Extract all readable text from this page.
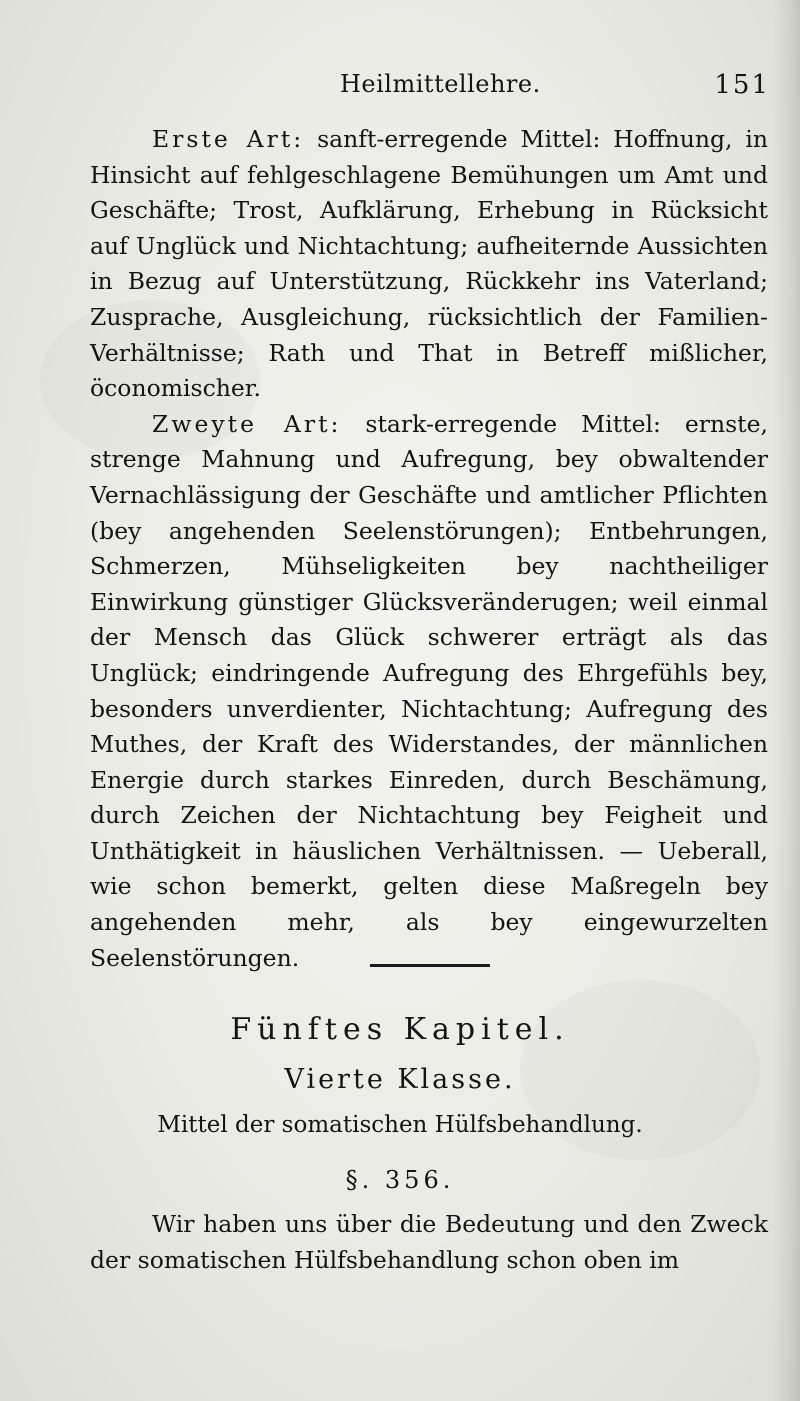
Heilmittellehre.	151

Erste Art: sanft-erregende Mittel: Hoffnung, in Hinsicht auf fehlgeschlagene Bemühungen um Amt und Geschäfte; Trost, Aufklärung, Erhebung in Rücksicht auf Unglück und Nichtachtung; aufheiternde Aussichten in Bezug auf Unterstützung, Rückkehr ins Vaterland; Zusprache, Ausgleichung, rücksichtlich der Familien-Verhältnisse; Rath und That in Betreff mißlicher, öconomischer.

Zweyte Art: stark-erregende Mittel: ernste, strenge Mahnung und Aufregung, bey obwaltender Vernachlässigung der Geschäfte und amtlicher Pflichten (bey angehenden Seelenstörungen); Entbehrungen, Schmerzen, Mühseligkeiten bey nachtheiliger Einwirkung günstiger Glücksveränderugen; weil einmal der Mensch das Glück schwerer erträgt als das Unglück; eindringende Aufregung des Ehrgefühls bey, besonders unverdienter, Nichtachtung; Aufregung des Muthes, der Kraft des Widerstandes, der männlichen Energie durch starkes Einreden, durch Beschämung, durch Zeichen der Nichtachtung bey Feigheit und Unthätigkeit in häuslichen Verhältnissen. — Ueberall, wie schon bemerkt, gelten diese Maßregeln bey angehenden mehr, als bey eingewurzelten Seelenstörungen.

Fünftes Kapitel.
Vierte Klasse.
Mittel der somatischen Hülfsbehandlung.
§. 356.

Wir haben uns über die Bedeutung und den Zweck der somatischen Hülfsbehandlung schon oben im
